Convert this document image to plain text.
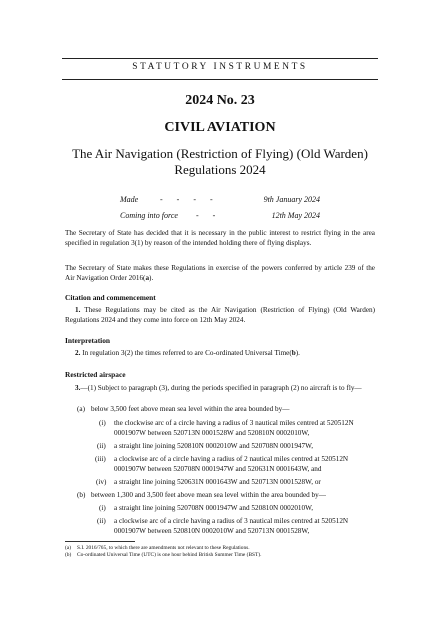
STATUTORY INSTRUMENTS
2024 No. 23
CIVIL AVIATION
The Air Navigation (Restriction of Flying) (Old Warden) Regulations 2024
Made	- - - -	9th January 2024
Coming into force - -	12th May 2024
The Secretary of State has decided that it is necessary in the public interest to restrict flying in the area specified in regulation 3(1) by reason of the intended holding there of flying displays.
The Secretary of State makes these Regulations in exercise of the powers conferred by article 239 of the Air Navigation Order 2016(a).
Citation and commencement
1. These Regulations may be cited as the Air Navigation (Restriction of Flying) (Old Warden) Regulations 2024 and they come into force on 12th May 2024.
Interpretation
2. In regulation 3(2) the times referred to are Co-ordinated Universal Time(b).
Restricted airspace
3.—(1) Subject to paragraph (3), during the periods specified in paragraph (2) no aircraft is to fly—
(a) below 3,500 feet above mean sea level within the area bounded by—
(i) the clockwise arc of a circle having a radius of 3 nautical miles centred at 520512N 0001907W between 520713N 0001528W and 520810N 0002010W,
(ii) a straight line joining 520810N 0002010W and 520708N 0001947W,
(iii) a clockwise arc of a circle having a radius of 2 nautical miles centred at 520512N 0001907W between 520708N 0001947W and 520631N 0001643W, and
(iv) a straight line joining 520631N 0001643W and 520713N 0001528W, or
(b) between 1,300 and 3,500 feet above mean sea level within the area bounded by—
(i) a straight line joining 520708N 0001947W and 520810N 0002010W,
(ii) a clockwise arc of a circle having a radius of 3 nautical miles centred at 520512N 0001907W between 520810N 0002010W and 520713N 0001528W,
(a) S.I. 2016/765, to which there are amendments not relevant to these Regulations.
(b) Co-ordinated Universal Time (UTC) is one hour behind British Summer Time (BST).
